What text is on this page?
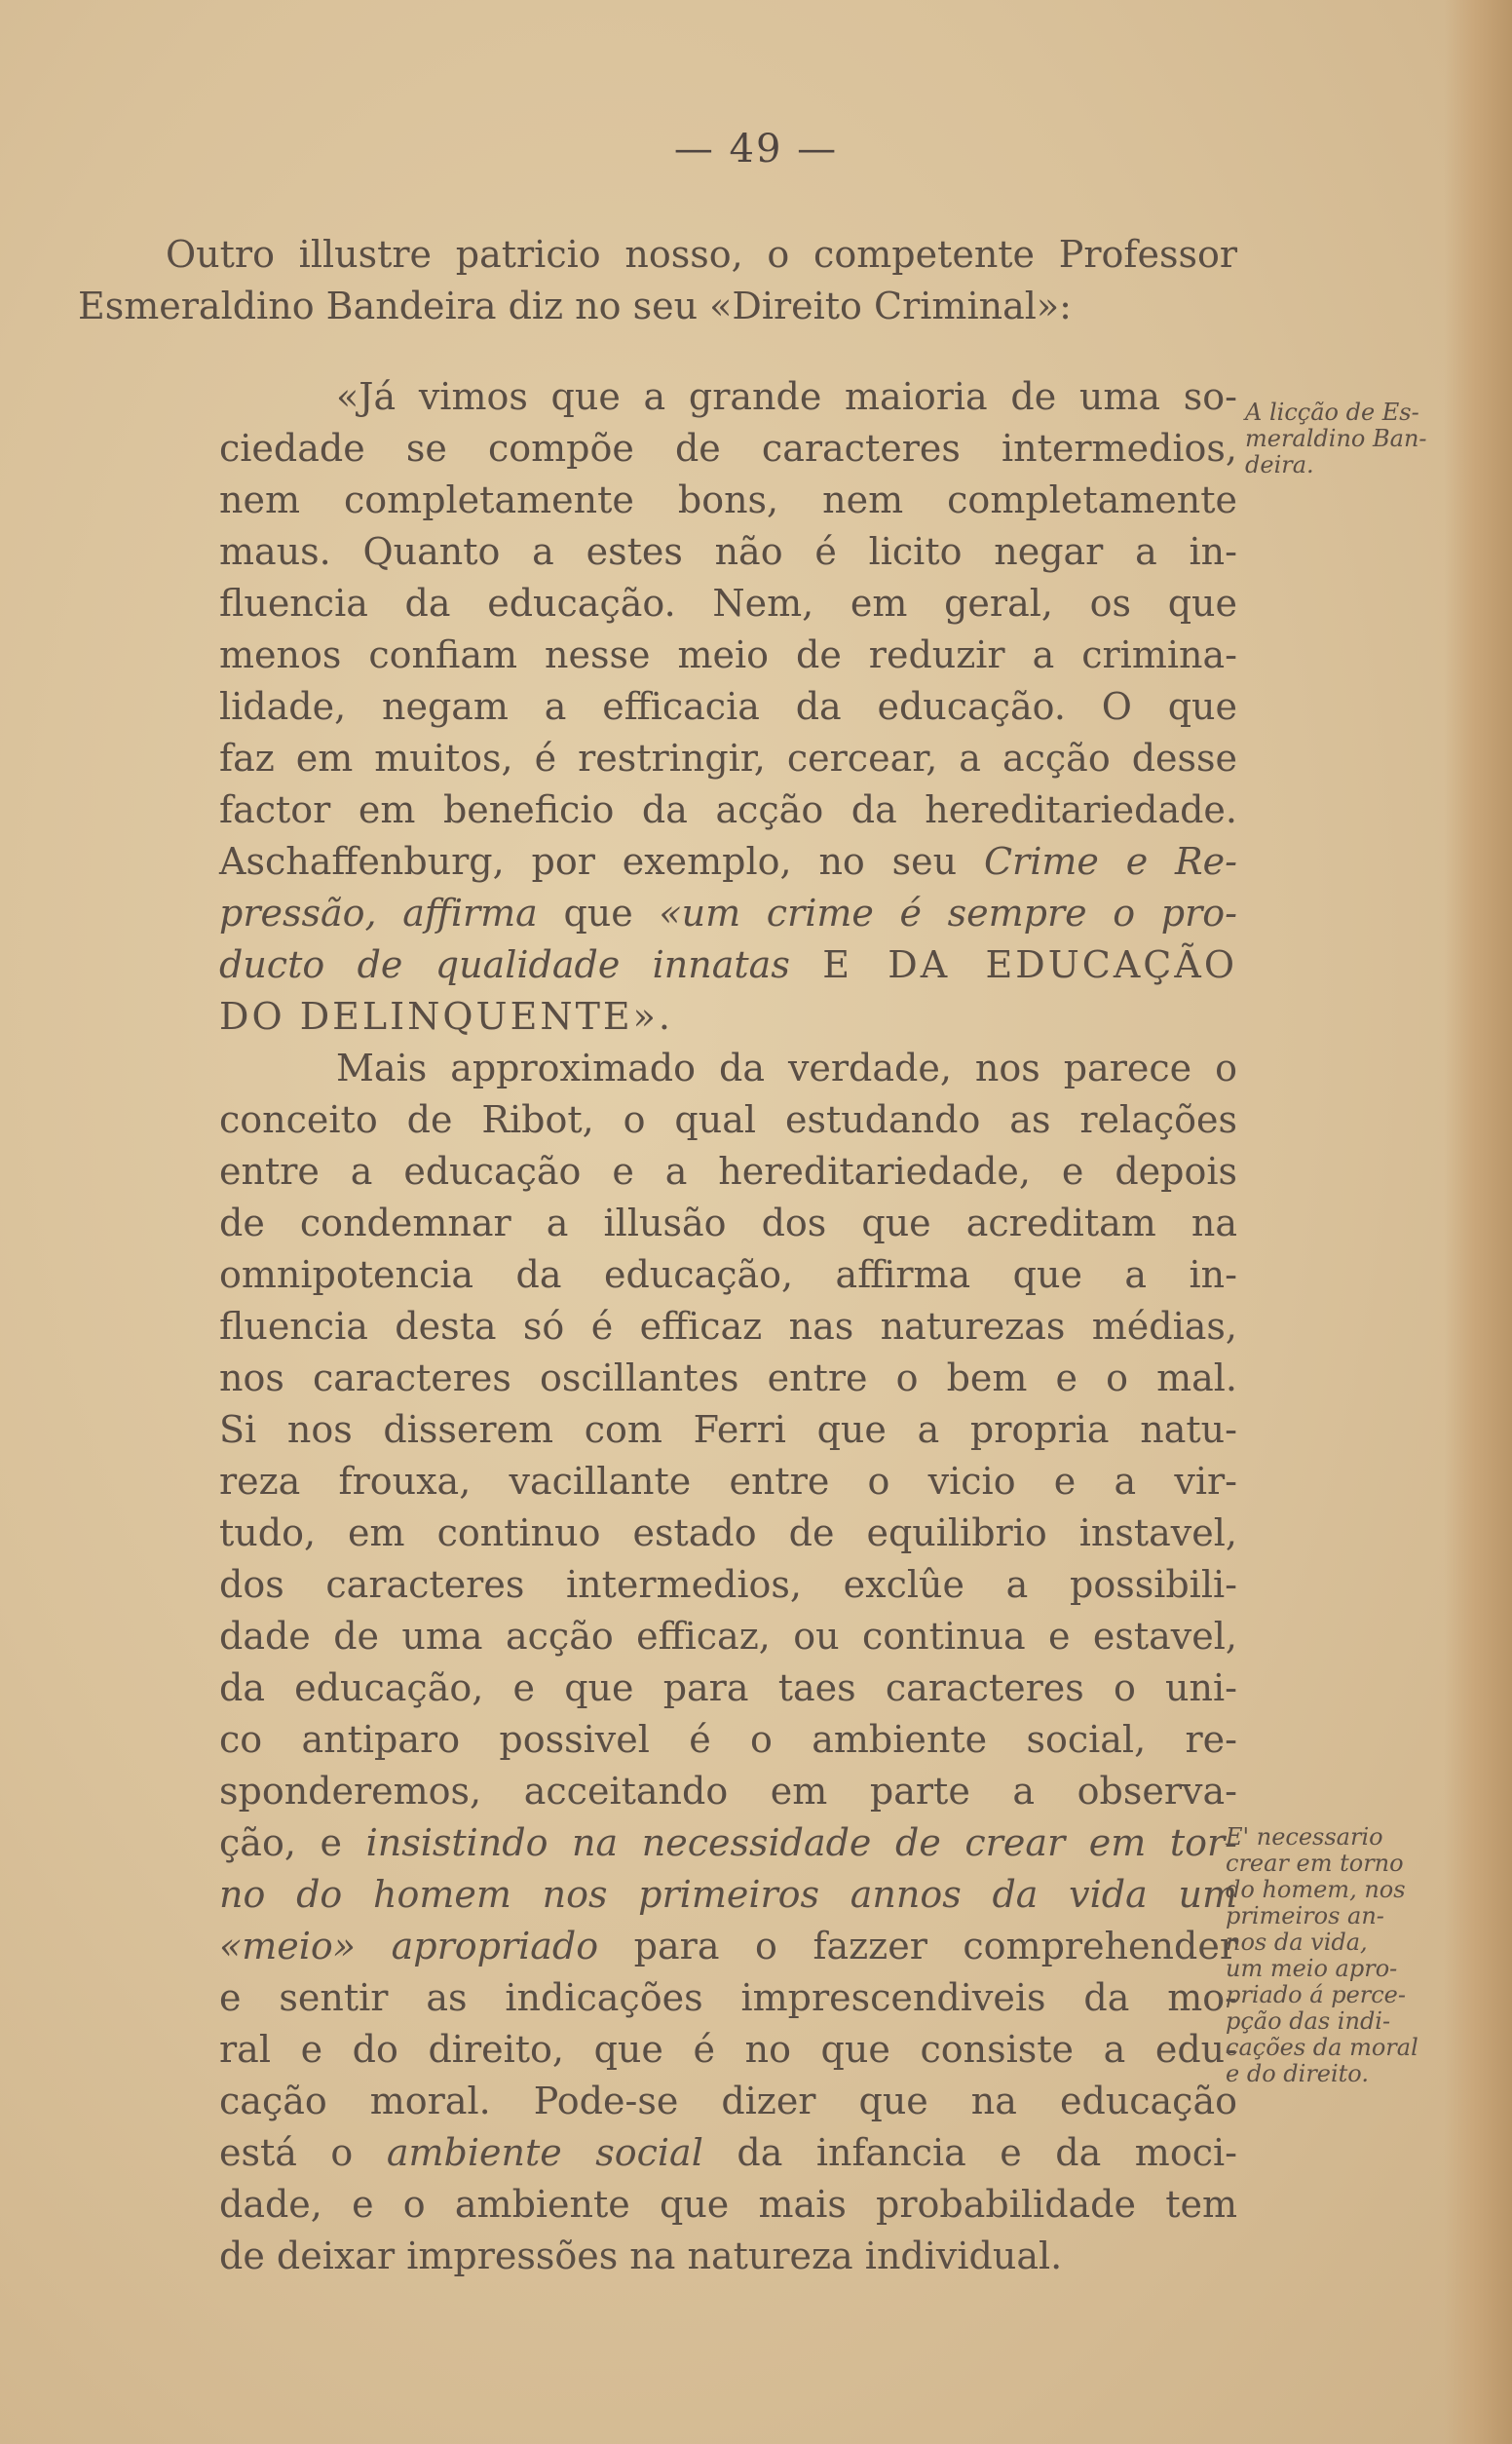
— 49 —
Outro illustre patricio nosso, o competente Professor
Esmeraldino Bandeira diz no seu «Direito Criminal»:
«Já vimos que a grande maioria de uma so-
ciedade se compõe de caracteres intermedios,
nem completamente bons, nem completamente
maus. Quanto a estes não é licito negar a in-
fluencia da educação. Nem, em geral, os que
menos confiam nesse meio de reduzir a crimina-
lidade, negam a efficacia da educação. O que
faz em muitos, é restringir, cercear, a acção desse
factor em beneficio da acção da hereditariedade.
Aschaffenburg, por exemplo, no seu Crime e Re-
pressão, affirma que «um crime é sempre o pro-
ducto de qualidade innatas E DA EDUCAÇÃO
DO DELINQUENTE».
Mais approximado da verdade, nos parece o
conceito de Ribot, o qual estudando as relações
entre a educação e a hereditariedade, e depois
de condemnar a illusão dos que acreditam na
omnipotencia da educação, affirma que a in-
fluencia desta só é efficaz nas naturezas médias,
nos caracteres oscillantes entre o bem e o mal.
Si nos disserem com Ferri que a propria natu-
reza frouxa, vacillante entre o vicio e a vir-
tudo, em continuo estado de equilibrio instavel,
dos caracteres intermedios, exclûe a possibili-
dade de uma acção efficaz, ou continua e estavel,
da educação, e que para taes caracteres o uni-
co antiparo possivel é o ambiente social, re-
sponderemos, acceitando em parte a observa-
ção, e insistindo na necessidade de crear em tor-
no do homem nos primeiros annos da vida um
«meio» apropriado para o fazzer comprehender
e sentir as indicações imprescendiveis da mo-
ral e do direito, que é no que consiste a edu-
cação moral. Pode-se dizer que na educação
está o ambiente social da infancia e da moci-
dade, e o ambiente que mais probabilidade tem
de deixar impressões na natureza individual.
A licção de Es-
meraldino Ban-
deira.
E' necessario
crear em torno
do homem, nos
primeiros an-
nos da vida,
um meio apro-
priado á perce-
pção das indi-
cações da moral
e do direito.
